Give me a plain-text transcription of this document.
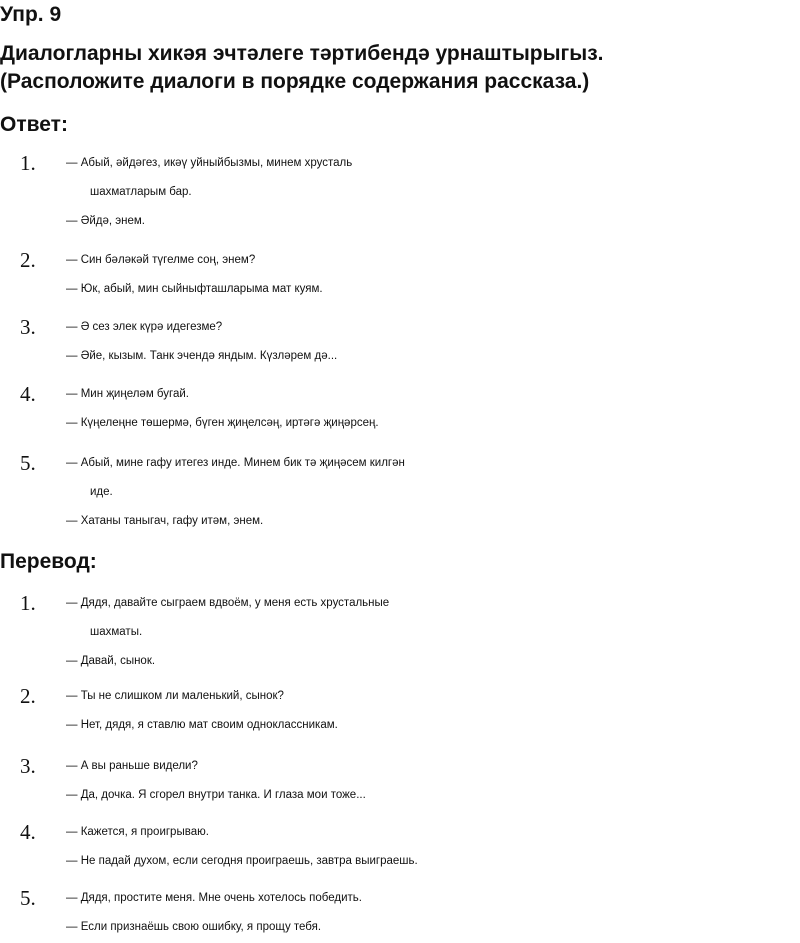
Упр. 9
Диалогларны хикәя эчтәлеге тәртибендә урнаштырыгыз.
(Расположите диалоги в порядке содержания рассказа.)
Ответ:
1.	— Абый, әйдәгез, икәү уйныйбызмы, минем хрусталь
шахматларым бар.
— Әйдә, энем.
2.	— Син бәләкәй түгелме соң, энем?
— Юк, абый, мин сыйныфташларыма мат куям.
3.	— Ә сез элек күрә идегезме?
— Әйе, кызым. Танк эчендә яндым. Күзләрем дә...
4.	— Мин җиңеләм бугай.
— Күңелеңне төшермә, бүген җиңелсәң, иртәгә җиңәрсең.
5.	— Абый, мине гафу итегез инде. Минем бик тә җиңәсем килгән
иде.
— Хатаны таныгач, гафу итәм, энем.
Перевод:
1.	— Дядя, давайте сыграем вдвоём, у меня есть хрустальные
шахматы.
— Давай, сынок.
2.	— Ты не слишком ли маленький, сынок?
— Нет, дядя, я ставлю мат своим одноклассникам.
3.	— А вы раньше видели?
— Да, дочка. Я сгорел внутри танка. И глаза мои тоже...
4.	— Кажется, я проигрываю.
— Не падай духом, если сегодня проиграешь, завтра выиграешь.
5.	— Дядя, простите меня. Мне очень хотелось победить.
— Если признаёшь свою ошибку, я прощу тебя.
